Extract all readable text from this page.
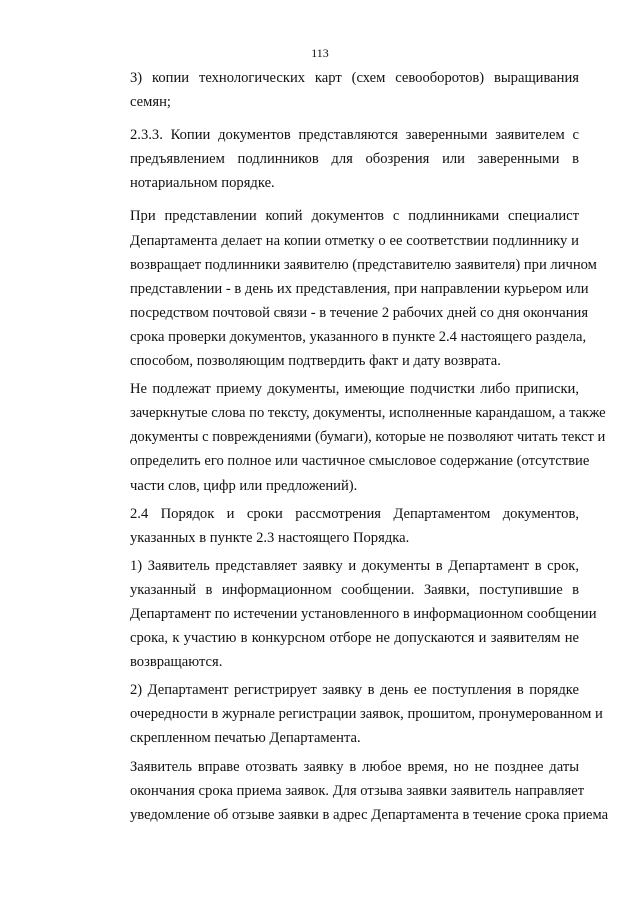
113
3) копии технологических карт (схем севооборотов) выращивания
семян;
2.3.3. Копии документов представляются заверенными заявителем с
предъявлением подлинников для обозрения или заверенными в
нотариальном порядке.
При представлении копий документов с подлинниками специалист
Департамента делает на копии отметку о ее соответствии подлиннику и
возвращает подлинники заявителю (представителю заявителя) при личном
представлении - в день их представления, при направлении курьером или
посредством почтовой связи - в течение 2 рабочих дней со дня окончания
срока проверки документов, указанного в пункте 2.4 настоящего раздела,
способом, позволяющим подтвердить факт и дату возврата.
Не подлежат приему документы, имеющие подчистки либо приписки,
зачеркнутые слова по тексту, документы, исполненные карандашом, а также
документы с повреждениями (бумаги), которые не позволяют читать текст и
определить его полное или частичное смысловое содержание (отсутствие
части слов, цифр или предложений).
2.4 Порядок и сроки рассмотрения Департаментом документов,
указанных в пункте 2.3 настоящего Порядка.
1) Заявитель представляет заявку и документы в Департамент в срок,
указанный в информационном сообщении. Заявки, поступившие в
Департамент по истечении установленного в информационном сообщении
срока, к участию в конкурсном отборе не допускаются и заявителям не
возвращаются.
2) Департамент регистрирует заявку в день ее поступления в порядке
очередности в журнале регистрации заявок, прошитом, пронумерованном и
скрепленном печатью Департамента.
Заявитель вправе отозвать заявку в любое время, но не позднее даты
окончания срока приема заявок. Для отзыва заявки заявитель направляет
уведомление об отзыве заявки в адрес Департамента в течение срока приема
